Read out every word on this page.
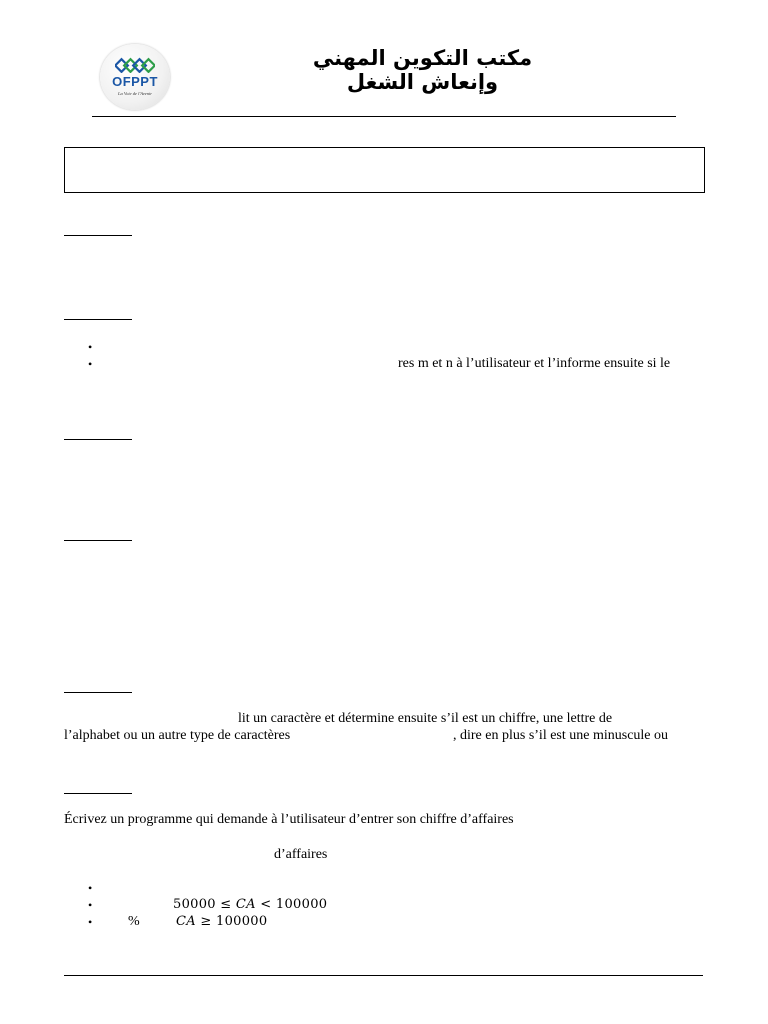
OFPPT
La Voie de l'Avenir
مكتب التكوين المهني وإنعاش الشغل
•
•	res m et n à l’utilisateur et l’informe ensuite si le
lit un caractère et détermine ensuite s’il est un chiffre, une lettre de
l’alphabet ou un autre type de caractères	, dire en plus s’il est une minuscule ou
Écrivez un programme qui demande à l’utilisateur d’entrer son chiffre d’affaires
d’affaires
•
•
•
50000 ≤ CA < 100000
%	CA ≥ 100000
